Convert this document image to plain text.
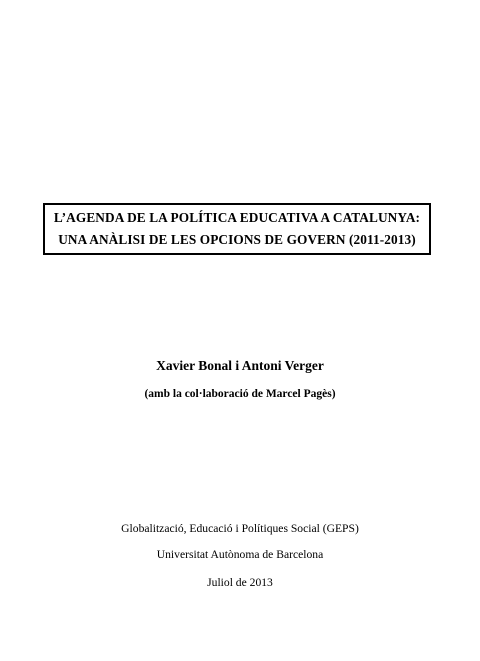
L’AGENDA DE LA POLÍTICA EDUCATIVA A CATALUNYA:
UNA ANÀLISI DE LES OPCIONS DE GOVERN (2011-2013)
Xavier Bonal i Antoni Verger
(amb la col·laboració de Marcel Pagès)
Globalització, Educació i Polítiques Social (GEPS)
Universitat Autònoma de Barcelona
Juliol de 2013
